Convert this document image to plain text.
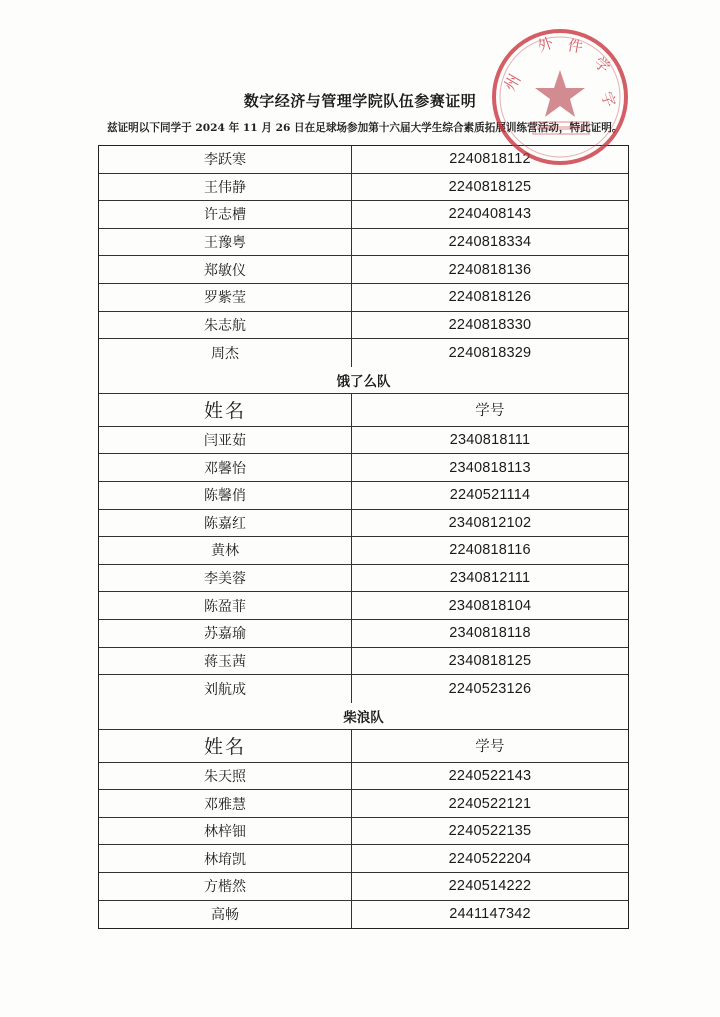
数字经济与管理学院队伍参赛证明
兹证明以下同学于 2024 年 11 月 26 日在足球场参加第十六届大学生综合素质拓展训练营活动，特此证明。
李跃寒	2240818112
王伟静	2240818125
许志槽	2240408143
王豫粤	2240818334
郑敏仪	2240818136
罗紫莹	2240818126
朱志航	2240818330
周杰	2240818329
饿了么队
姓名	学号
闫亚茹	2340818111
邓馨怡	2340818113
陈馨俏	2240521114
陈嘉红	2340812102
黄林	2240818116
李美蓉	2340812111
陈盈菲	2340818104
苏嘉瑜	2340818118
蒋玉茜	2340818125
刘航成	2240523126
柴浪队
姓名	学号
朱天照	2240522143
邓雅慧	2240522121
林梓钿	2240522135
林堉凯	2240522204
方楷然	2240514222
高畅	2441147342
州
外 件
学
字
